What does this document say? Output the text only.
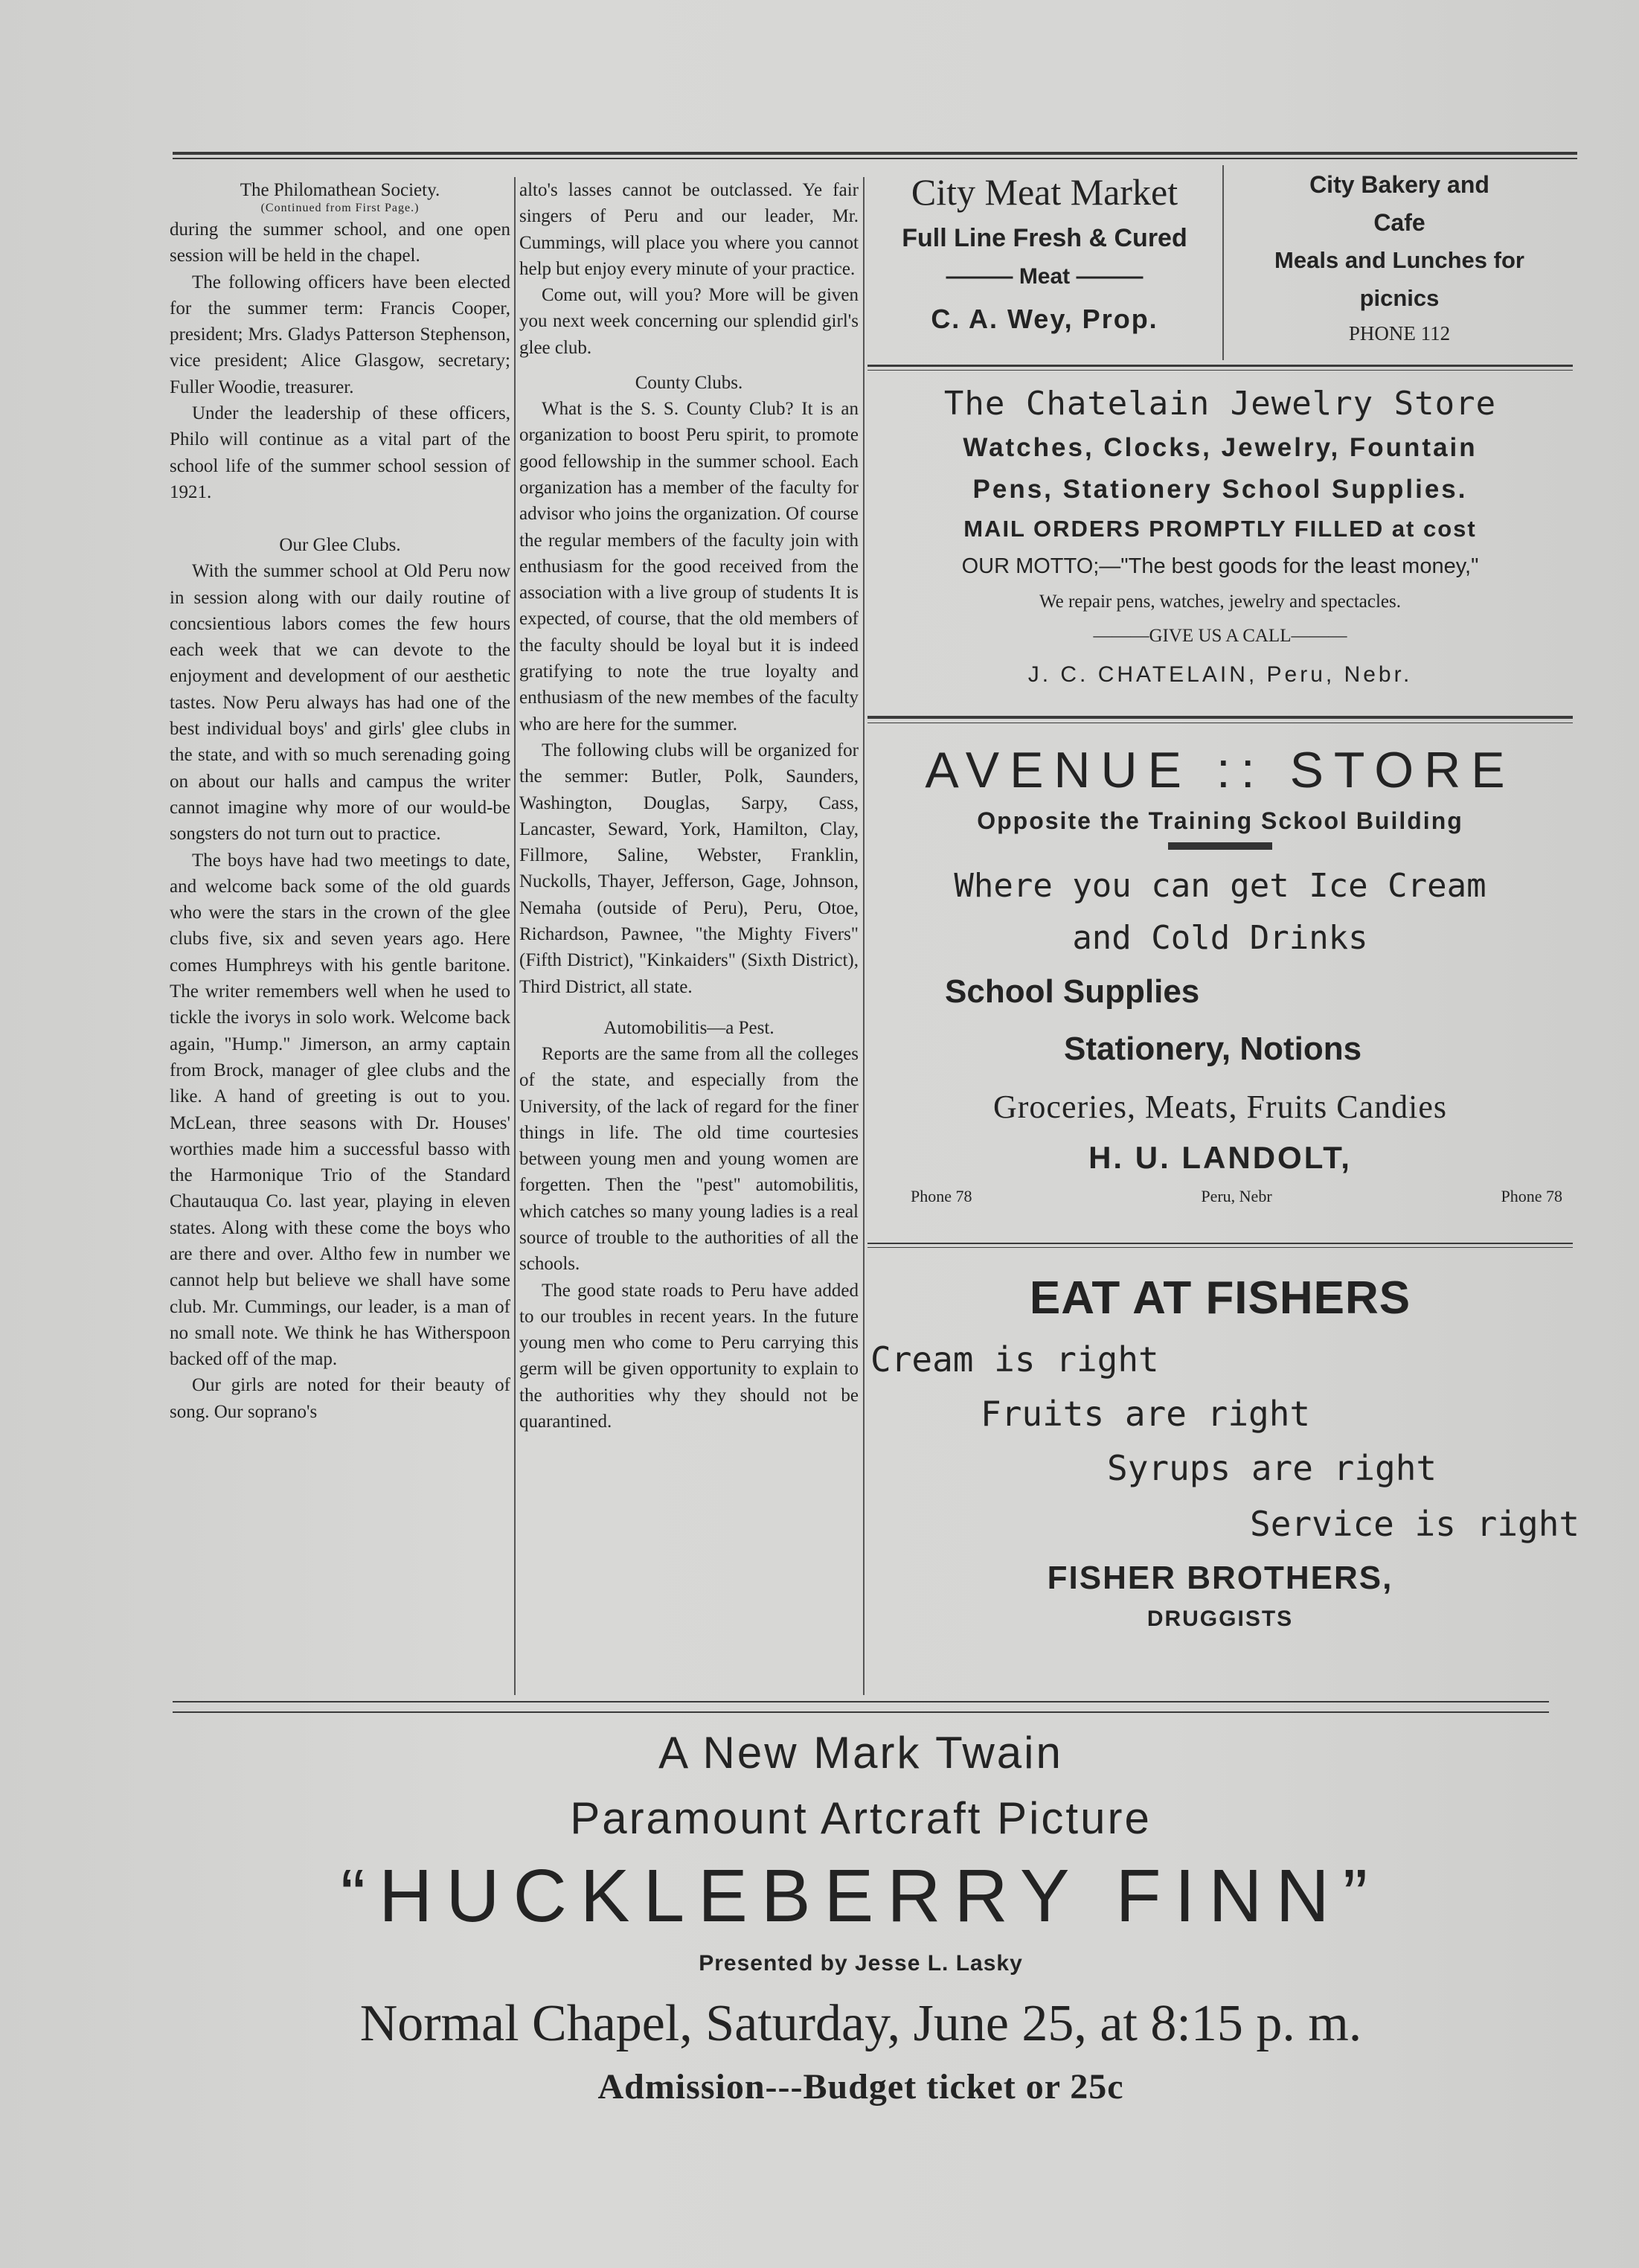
The Philomathean Society.
(Continued from First Page.)

during the summer school, and one open session will be held in the chapel.

The following officers have been elected for the summer term: Francis Cooper, president; Mrs. Gladys Patterson Stephenson, vice president; Alice Glasgow, secretary; Fuller Woodie, treasurer.

Under the leadership of these officers, Philo will continue as a vital part of the school life of the summer school session of 1921.

Our Glee Clubs.

With the summer school at Old Peru now in session along with our daily routine of concsientious labors comes the few hours each week that we can devote to the enjoyment and development of our aesthetic tastes. Now Peru always has had one of the best individual boys' and girls' glee clubs in the state, and with so much serenading going on about our halls and campus the writer cannot imagine why more of our would-be songsters do not turn out to practice.

The boys have had two meetings to date, and welcome back some of the old guards who were the stars in the crown of the glee clubs five, six and seven years ago. Here comes Humphreys with his gentle baritone. The writer remembers well when he used to tickle the ivorys in solo work. Welcome back again, "Hump." Jimerson, an army captain from Brock, manager of glee clubs and the like. A hand of greeting is out to you. McLean, three seasons with Dr. Houses' worthies made him a successful basso with the Harmonique Trio of the Standard Chautauqua Co. last year, playing in eleven states. Along with these come the boys who are there and over. Altho few in number we cannot help but believe we shall have some club. Mr. Cummings, our leader, is a man of no small note. We think he has Witherspoon backed off of the map.

Our girls are noted for their beauty of song. Our soprano's

alto's lasses cannot be outclassed. Ye fair singers of Peru and our leader, Mr. Cummings, will place you where you cannot help but enjoy every minute of your practice.

Come out, will you? More will be given you next week concerning our splendid girl's glee club.

County Clubs.

What is the S. S. County Club? It is an organization to boost Peru spirit, to promote good fellowship in the summer school. Each organization has a member of the faculty for advisor who joins the organization. Of course the regular members of the faculty join with enthusiasm for the good received from the association with a live group of students It is expected, of course, that the old members of the faculty should be loyal but it is indeed gratifying to note the true loyalty and enthusiasm of the new membes of the faculty who are here for the summer.

The following clubs will be organized for the semmer: Butler, Polk, Saunders, Washington, Douglas, Sarpy, Cass, Lancaster, Seward, York, Hamilton, Clay, Fillmore, Saline, Webster, Franklin, Nuckolls, Thayer, Jefferson, Gage, Johnson, Nemaha (outside of Peru), Peru, Otoe, Richardson, Pawnee, "the Mighty Fivers" (Fifth District), "Kinkaiders" (Sixth District), Third District, all state.

Automobilitis—a Pest.

Reports are the same from all the colleges of the state, and especially from the University, of the lack of regard for the finer things in life. The old time courtesies between young men and young women are forgetten. Then the "pest" automobilitis, which catches so many young ladies is a real source of trouble to the authorities of all the schools.

The good state roads to Peru have added to our troubles in recent years. In the future young men who come to Peru carrying this germ will be given opportunity to explain to the authorities why they should not be quarantined.

City Meat Market
Full Line Fresh & Cured
——— Meat ———
C. A. Wey, Prop.
City Bakery and
Cafe
Meals and Lunches for
picnics
PHONE 112
The Chatelain Jewelry Store
Watches, Clocks, Jewelry, Fountain
Pens, Stationery School Supplies.
MAIL ORDERS PROMPTLY FILLED at cost
OUR MOTTO;—"The best goods for the least money,"
We repair pens, watches, jewelry and spectacles.
———GIVE US A CALL———
J. C. CHATELAIN, Peru, Nebr.
AVENUE :: STORE
Opposite the Training Sckool Building
Where you can get Ice Cream
and Cold Drinks
School Supplies
Stationery, Notions
Groceries, Meats, Fruits Candies
H. U. LANDOLT,
Phone 78	Peru, Nebr	Phone 78
EAT AT FISHERS
Cream is right
Fruits are right
Syrups are right
Service is right
FISHER BROTHERS,
DRUGGISTS
A New Mark Twain
Paramount Artcraft Picture
“HUCKLEBERRY FINN”
Presented by Jesse L. Lasky
Normal Chapel, Saturday, June 25, at 8:15 p. m.
Admission---Budget ticket or 25c
